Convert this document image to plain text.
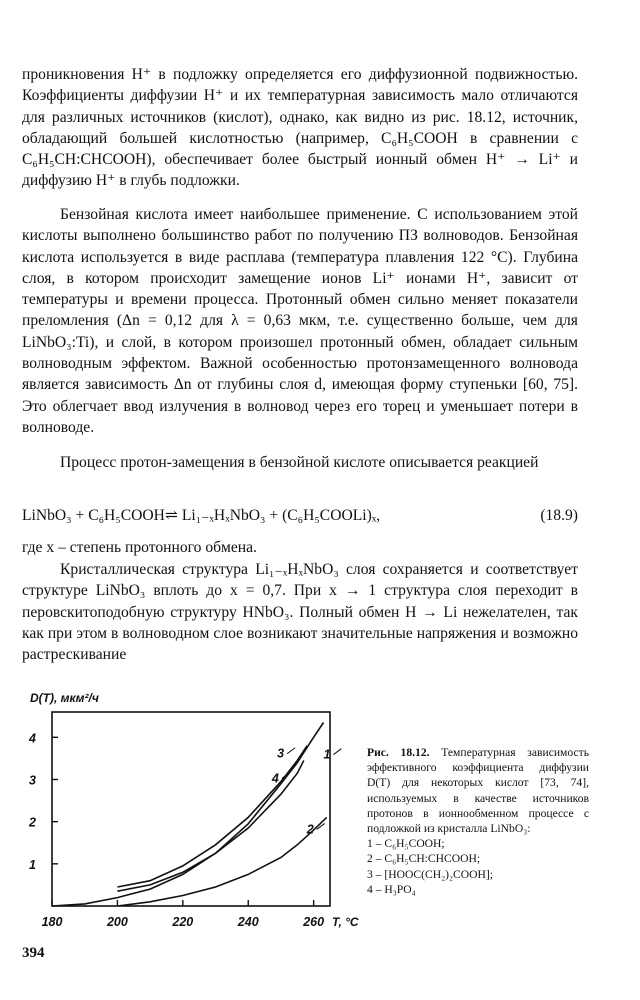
проникновения H⁺ в подложку определяется его диффузионной подвижностью. Коэффициенты диффузии H⁺ и их температурная зависимость мало отличаются для различных источников (кислот), однако, как видно из рис. 18.12, источник, обладающий большей кислотностью (например, C₆H₅COOH в сравнении с C₆H₅CH:CHCOOH), обеспечивает более быстрый ионный обмен H⁺ → Li⁺ и диффузию H⁺ в глубь подложки.

Бензойная кислота имеет наибольшее применение. С использованием этой кислоты выполнено большинство работ по получению ПЗ волноводов. Бензойная кислота используется в виде расплава (температура плавления 122 °C). Глубина слоя, в котором происходит замещение ионов Li⁺ ионами H⁺, зависит от температуры и времени процесса. Протонный обмен сильно меняет показатели преломления (Δn = 0,12 для λ = 0,63 мкм, т.е. существенно больше, чем для LiNbO₃:Ti), и слой, в котором произошел протонный обмен, обладает сильным волноводным эффектом. Важной особенностью протонзамещенного волновода является зависимость Δn от глубины слоя d, имеющая форму ступеньки [60, 75]. Это облегчает ввод излучения в волновод через его торец и уменьшает потери в волноводе.

Процесс протон-замещения в бензойной кислоте описывается реакцией

LiNbO₃ + C₆H₅COOH⇌ Li₁₋ₓHₓNbO₃ + (C₆H₅COOLi)ₓ,	(18.9)

где x – степень протонного обмена.

Кристаллическая структура Li₁₋ₓHₓNbO₃ слоя сохраняется и соответствует структуре LiNbO₃ вплоть до x = 0,7. При x → 1 структура слоя переходит в перовскитоподобную структуру HNbO₃. Полный обмен H → Li нежелателен, так как при этом в волноводном слое возникают значительные напряжения и возможно растрескивание

180	200	220	240	260
1
2
3
4
D(T), мкм²/ч
T, °C
1
2
3
4

Рис. 18.12. Температурная зависимость эффективного коэффициента диффузии D(T) для некоторых кислот [73, 74], используемых в качестве источников протонов в ионнообменном процессе с подложкой из кристалла LiNbO₃:

1 – C₆H₅COOH;

2 – C₆H₅CH:CHCOOH;

3 – [HOOC(CH₂)₂COOH];

4 – H₃PO₄

394
